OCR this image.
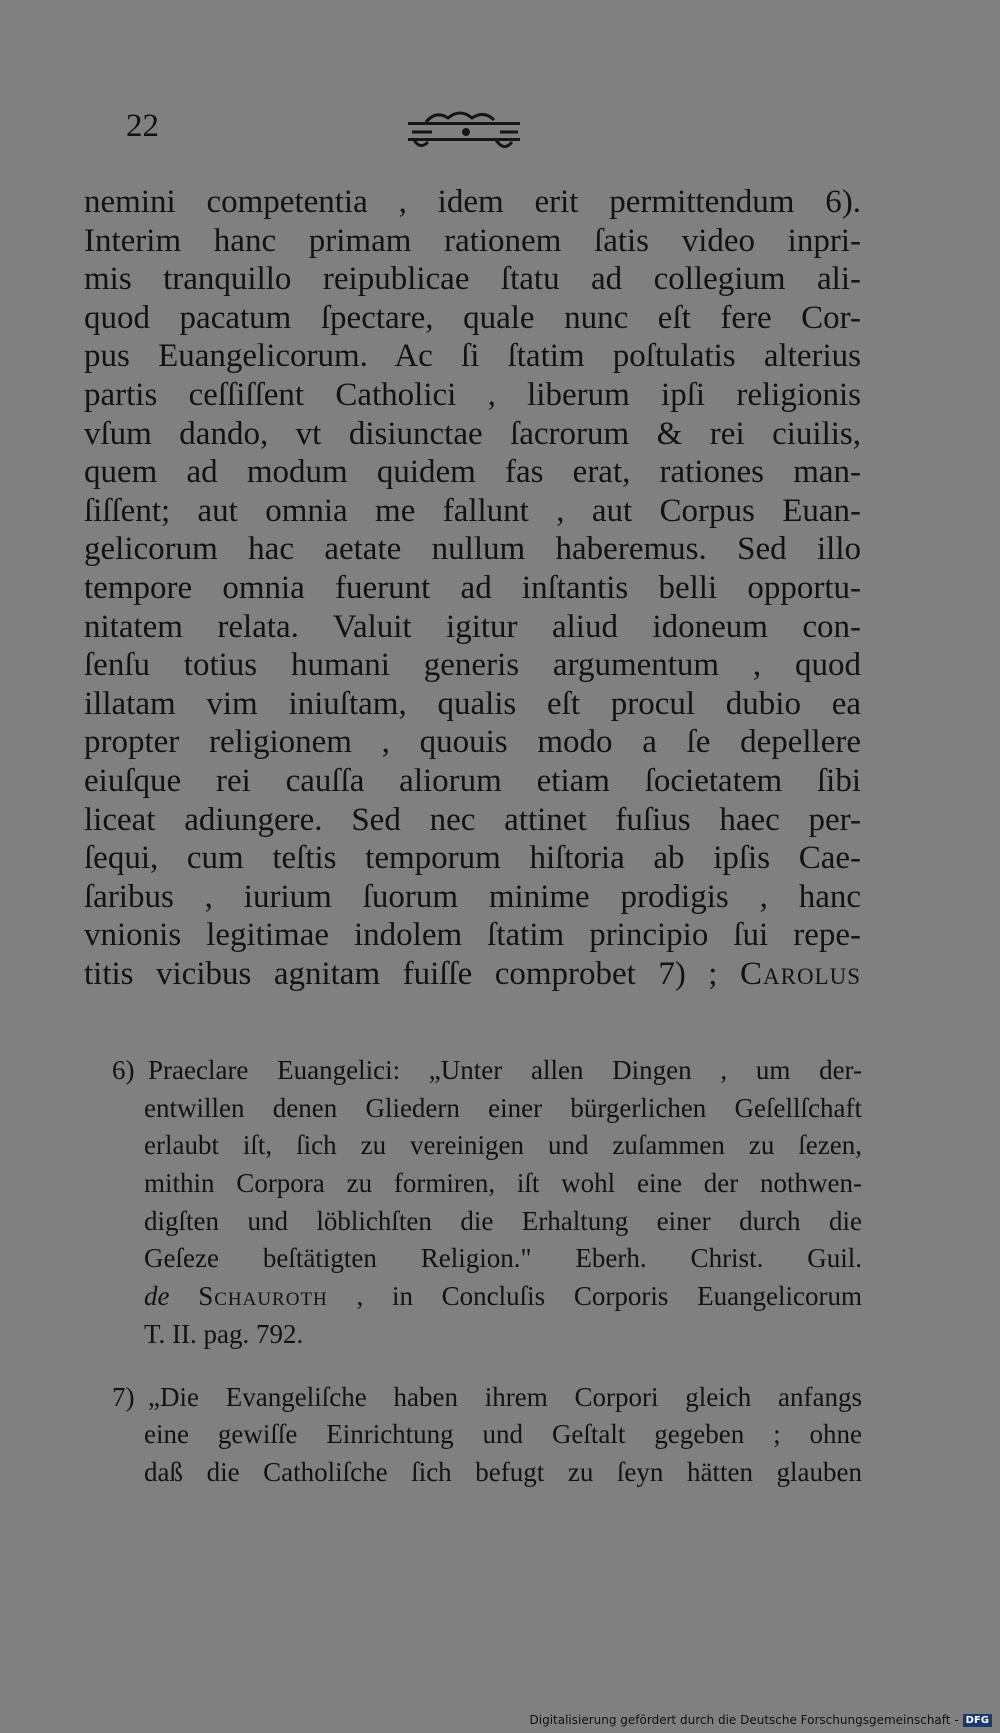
22
nemini competentia , idem erit permittendum 6).
Interim hanc primam rationem ſatis video inpri-
mis tranquillo reipublicae ſtatu ad collegium ali-
quod pacatum ſpectare, quale nunc eſt fere Cor-
pus Euangelicorum. Ac ſi ſtatim poſtulatis alterius
partis ceſſiſſent Catholici , liberum ipſi religionis
vſum dando, vt disiunctae ſacrorum & rei ciuilis,
quem ad modum quidem fas erat, rationes man-
ſiſſent; aut omnia me fallunt , aut Corpus Euan-
gelicorum hac aetate nullum haberemus. Sed illo
tempore omnia fuerunt ad inſtantis belli opportu-
nitatem relata. Valuit igitur aliud idoneum con-
ſenſu totius humani generis argumentum , quod
illatam vim iniuſtam, qualis eſt procul dubio ea
propter religionem , quouis modo a ſe depellere
eiuſque rei cauſſa aliorum etiam ſocietatem ſibi
liceat adiungere. Sed nec attinet fuſius haec per-
ſequi, cum teſtis temporum hiſtoria ab ipſis Cae-
ſaribus , iurium ſuorum minime prodigis , hanc
vnionis legitimae indolem ſtatim principio ſui repe-
titis vicibus agnitam fuiſſe comprobet 7) ; Carolus
6) Praeclare Euangelici: „Unter allen Dingen , um der-
entwillen denen Gliedern einer bürgerlichen Geſellſchaft
erlaubt iſt, ſich zu vereinigen und zuſammen zu ſezen,
mithin Corpora zu formiren, iſt wohl eine der nothwen-
digſten und löblichſten die Erhaltung einer durch die
Geſeze beſtätigten Religion." Eberh. Christ. Guil.
de Schauroth , in Concluſis Corporis Euangelicorum
T. II. pag. 792.
7) „Die Evangeliſche haben ihrem Corpori gleich anfangs
eine gewiſſe Einrichtung und Geſtalt gegeben ; ohne
daß die Catholiſche ſich befugt zu ſeyn hätten glauben
Digitalisierung gefördert durch die Deutsche Forschungsgemeinschaft - DFG
